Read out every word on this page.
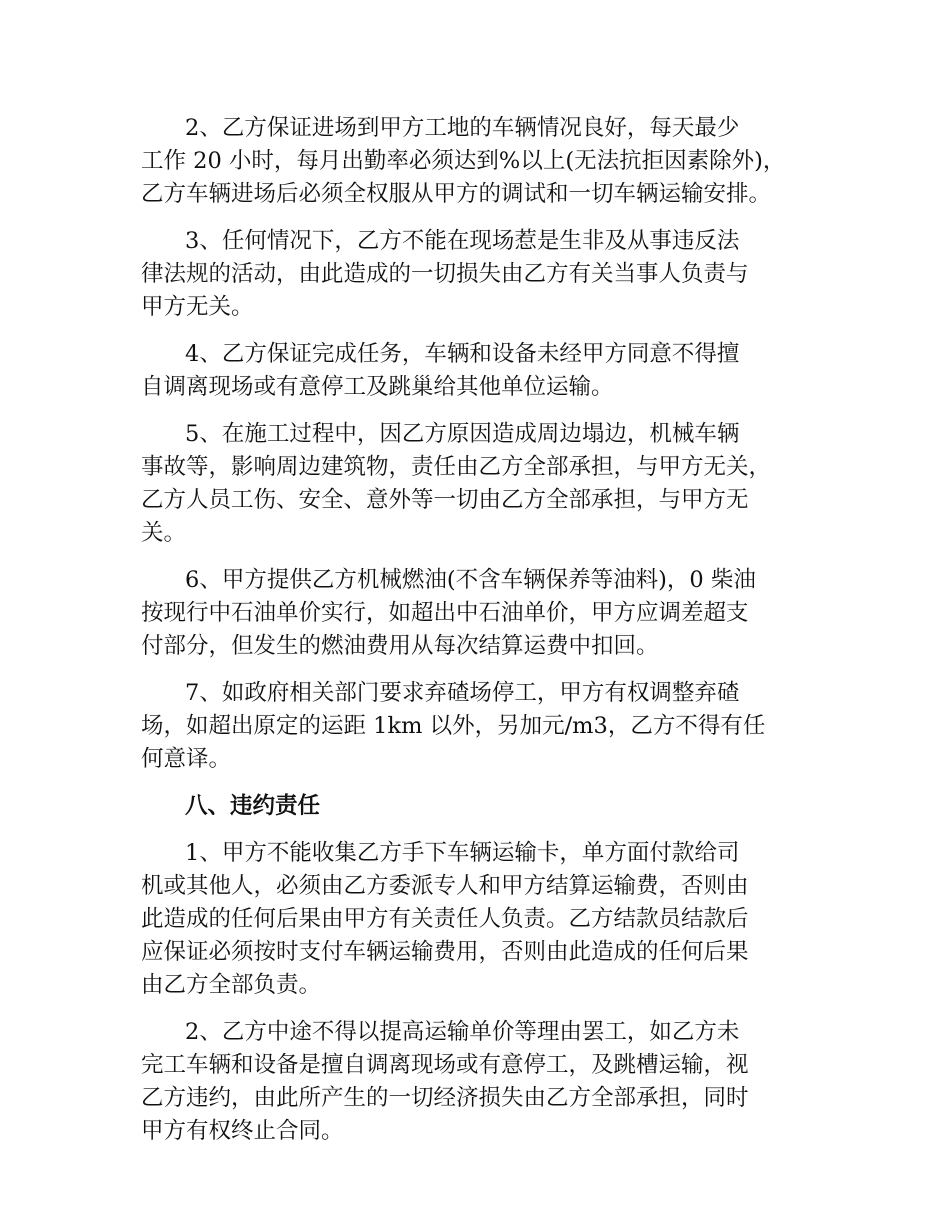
2、乙方保证进场到甲方工地的车辆情况良好，每天最少
工作 20 小时，每月出勤率必须达到%以上(无法抗拒因素除外)，
乙方车辆进场后必须全权服从甲方的调试和一切车辆运输安排。
3、任何情况下，乙方不能在现场惹是生非及从事违反法
律法规的活动，由此造成的一切损失由乙方有关当事人负责与
甲方无关。
4、乙方保证完成任务，车辆和设备未经甲方同意不得擅
自调离现场或有意停工及跳巢给其他单位运输。
5、在施工过程中，因乙方原因造成周边塌边，机械车辆
事故等，影响周边建筑物，责任由乙方全部承担，与甲方无关，
乙方人员工伤、安全、意外等一切由乙方全部承担，与甲方无
关。
6、甲方提供乙方机械燃油(不含车辆保养等油料)，0 柴油
按现行中石油单价实行，如超出中石油单价，甲方应调差超支
付部分，但发生的燃油费用从每次结算运费中扣回。
7、如政府相关部门要求弃碴场停工，甲方有权调整弃碴
场，如超出原定的运距 1km 以外，另加元/m3，乙方不得有任
何意译。
八、违约责任
1、甲方不能收集乙方手下车辆运输卡，单方面付款给司
机或其他人，必须由乙方委派专人和甲方结算运输费，否则由
此造成的任何后果由甲方有关责任人负责。乙方结款员结款后
应保证必须按时支付车辆运输费用，否则由此造成的任何后果
由乙方全部负责。
2、乙方中途不得以提高运输单价等理由罢工，如乙方未
完工车辆和设备是擅自调离现场或有意停工，及跳槽运输，视
乙方违约，由此所产生的一切经济损失由乙方全部承担，同时
甲方有权终止合同。
